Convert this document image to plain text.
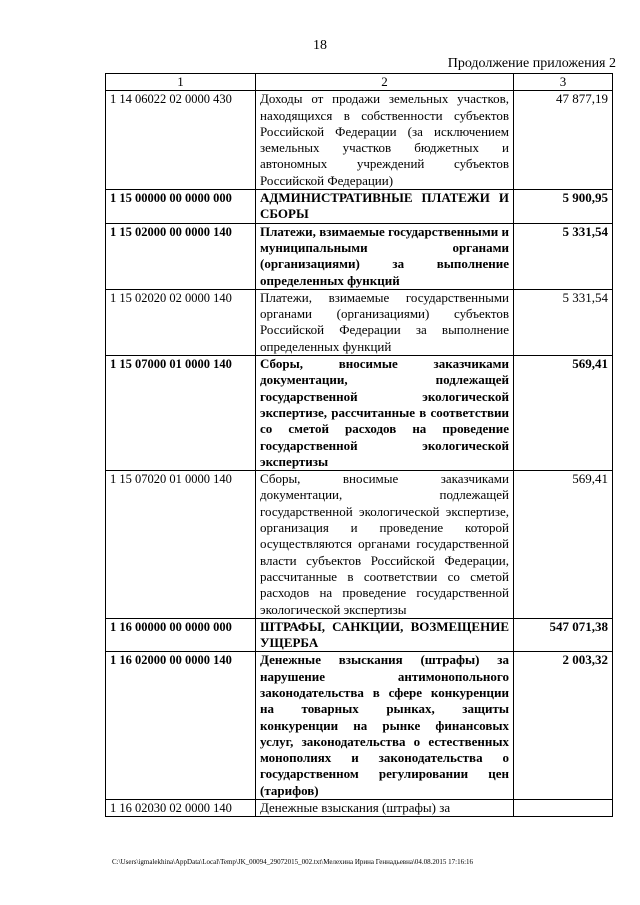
18
Продолжение приложения 2
1	2	3
1 14 06022 02 0000 430	Доходы от продажи земельных участков, находящихся в собственности субъектов Российской Федерации (за исключением земельных участков бюджетных и автономных учреждений субъектов Российской Федерации)	47 877,19
1 15 00000 00 0000 000	АДМИНИСТРАТИВНЫЕ ПЛАТЕЖИ И СБОРЫ	5 900,95
1 15 02000 00 0000 140	Платежи, взимаемые государственными и муниципальными органами (организациями) за выполнение определенных функций	5 331,54
1 15 02020 02 0000 140	Платежи, взимаемые государственными органами (организациями) субъектов Российской Федерации за выполнение определенных функций	5 331,54
1 15 07000 01 0000 140	Сборы, вносимые заказчиками документации, подлежащей государственной экологической экспертизе, рассчитанные в соответствии со сметой расходов на проведение государственной экологической экспертизы	569,41
1 15 07020 01 0000 140	Сборы, вносимые заказчиками документации, подлежащей государственной экологической экспертизе, организация и проведение которой осуществляются органами государственной власти субъектов Российской Федерации, рассчитанные в соответствии со сметой расходов на проведение государственной экологической экспертизы	569,41
1 16 00000 00 0000 000	ШТРАФЫ, САНКЦИИ, ВОЗМЕЩЕНИЕ УЩЕРБА	547 071,38
1 16 02000 00 0000 140	Денежные взыскания (штрафы) за нарушение антимонопольного законодательства в сфере конкуренции на товарных рынках, защиты конкуренции на рынке финансовых услуг, законодательства о естественных монополиях и законодательства о государственном регулировании цен (тарифов)	2 003,32
1 16 02030 02 0000 140	Денежные взыскания (штрафы) за	
C:\Users\igmalekhina\AppData\Local\Temp\JK_00094_29072015_002.txt\Мелехина Ирина Геннадьевна\04.08.2015 17:16:16
